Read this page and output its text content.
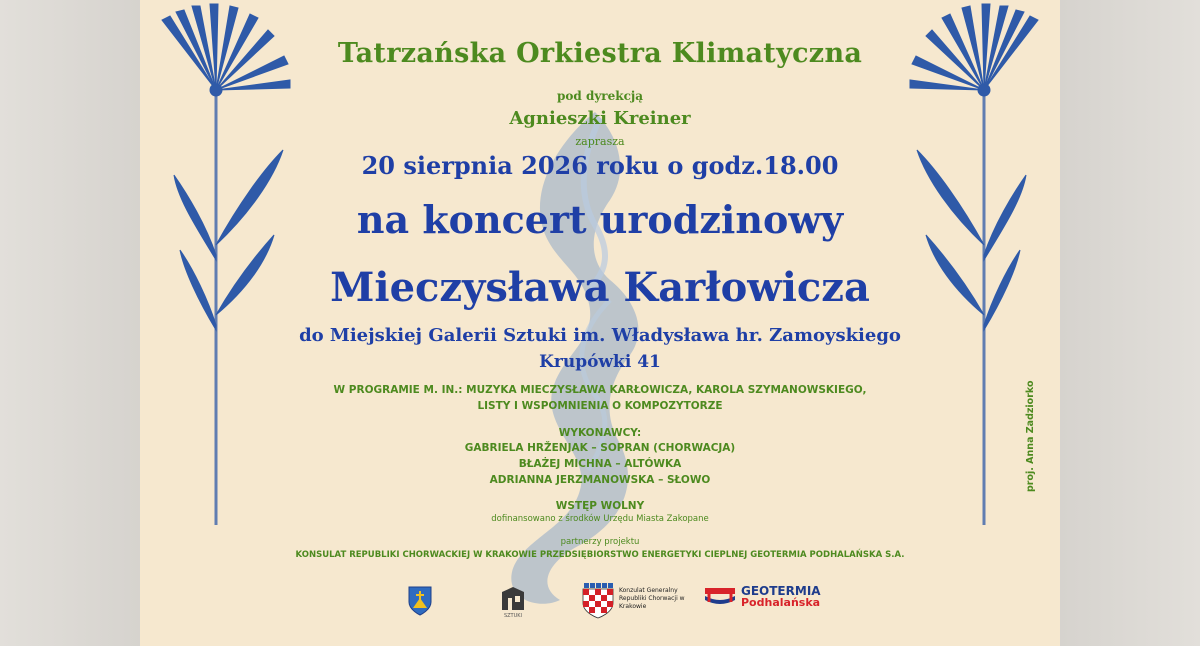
Tatrzańska Orkiestra Klimatyczna

pod dyrekcją

Agnieszki Kreiner

zaprasza

20 sierpnia 2026 roku o godz.18.00

na koncert urodzinowy

Mieczysława Karłowicza

do Miejskiej Galerii Sztuki im. Władysława hr. Zamoyskiego

Krupówki 41

W PROGRAMIE M. IN.: MUZYKA MIECZYSŁAWA KARŁOWICZA, KAROLA SZYMANOWSKIEGO,

LISTY I WSPOMNIENIA O KOMPOZYTORZE

WYKONAWCY:

GABRIELA HRŽENJAK – SOPRAN (CHORWACJA)

BŁAŻEJ MICHNA – ALTÓWKA

ADRIANNA JERZMANOWSKA – SŁOWO

WSTĘP WOLNY

dofinansowano z środków Urzędu Miasta Zakopane

partnerzy projektu

KONSULAT REPUBLIKI CHORWACKIEJ W KRAKOWIE PRZEDSIĘBIORSTWO ENERGETYKI CIEPLNEJ GEOTERMIA PODHALAŃSKA S.A.

proj. Anna Zadziorko
SZTUKI
Konzulat Generalny Republiki Chorwacji w Krakowie
GEOTERMIA
Podhalańska
